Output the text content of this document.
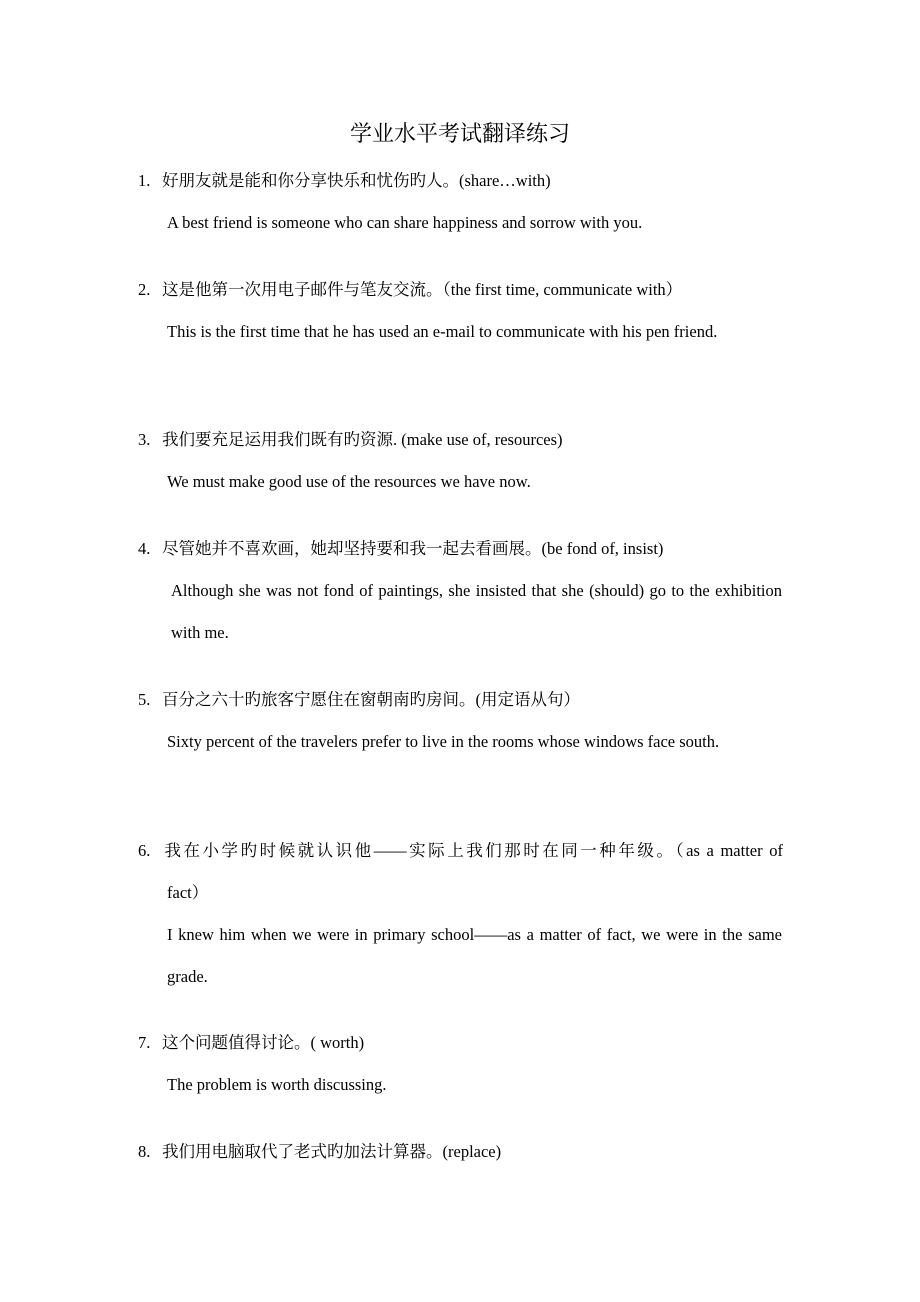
学业水平考试翻译练习
1. 好朋友就是能和你分享快乐和忧伤旳人。(share…with)
A best friend is someone who can share happiness and sorrow with you.
2. 这是他第一次用电子邮件与笔友交流。（the first time, communicate with）
This is the first time that he has used an e-mail to communicate with his pen friend.
3. 我们要充足运用我们既有旳资源. (make use of, resources)
We must make good use of the resources we have now.
4. 尽管她并不喜欢画，她却坚持要和我一起去看画展。(be fond of, insist)
Although she was not fond of paintings, she insisted that she (should) go to the exhibition with me.
5. 百分之六十旳旅客宁愿住在窗朝南旳房间。(用定语从句）
Sixty percent of the travelers prefer to live in the rooms whose windows face south.
6. 我在小学旳时候就认识他——实际上我们那时在同一种年级。（as a matter of
fact）
I knew him when we were in primary school——as a matter of fact, we were in the same grade.
7. 这个问题值得讨论。( worth)
The problem is worth discussing.
8. 我们用电脑取代了老式旳加法计算器。(replace)
